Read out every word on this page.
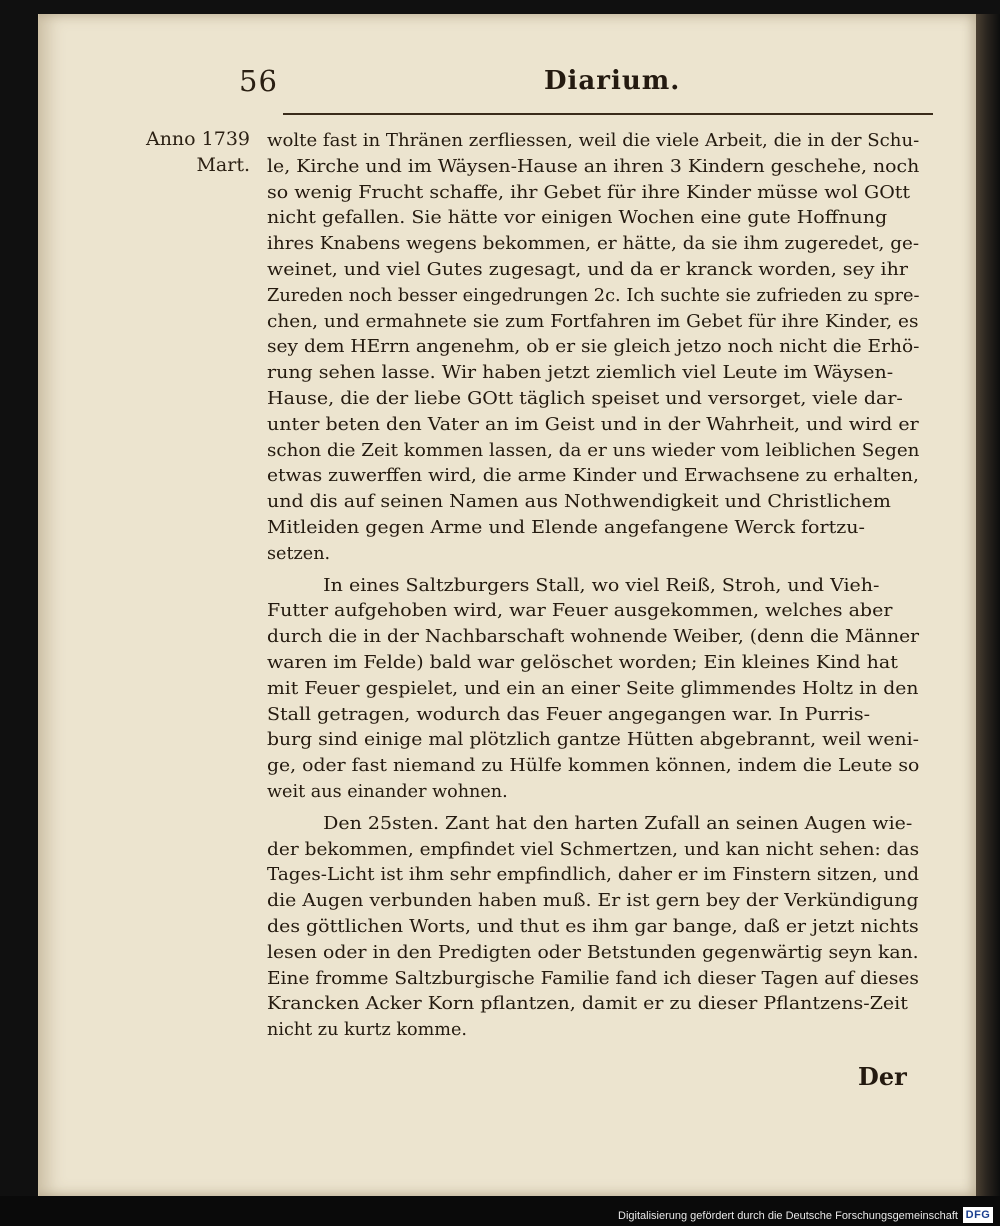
56	Diarium.
Anno 1739
Mart.
wolte fast in Thränen zerfliessen, weil die viele Arbeit, die in der Schu-
le, Kirche und im Wäysen-Hause an ihren 3 Kindern geschehe, noch
so wenig Frucht schaffe, ihr Gebet für ihre Kinder müsse wol GOtt
nicht gefallen. Sie hätte vor einigen Wochen eine gute Hoffnung
ihres Knabens wegens bekommen, er hätte, da sie ihm zugeredet, ge-
weinet, und viel Gutes zugesagt, und da er kranck worden, sey ihr
Zureden noch besser eingedrungen 2c. Ich suchte sie zufrieden zu spre-
chen, und ermahnete sie zum Fortfahren im Gebet für ihre Kinder, es
sey dem HErrn angenehm, ob er sie gleich jetzo noch nicht die Erhö-
rung sehen lasse. Wir haben jetzt ziemlich viel Leute im Wäysen-
Hause, die der liebe GOtt täglich speiset und versorget, viele dar-
unter beten den Vater an im Geist und in der Wahrheit, und wird er
schon die Zeit kommen lassen, da er uns wieder vom leiblichen Segen
etwas zuwerffen wird, die arme Kinder und Erwachsene zu erhalten,
und dis auf seinen Namen aus Nothwendigkeit und Christlichem
Mitleiden gegen Arme und Elende angefangene Werck fortzu-
setzen.
In eines Saltzburgers Stall, wo viel Reiß, Stroh, und Vieh-
Futter aufgehoben wird, war Feuer ausgekommen, welches aber
durch die in der Nachbarschaft wohnende Weiber, (denn die Männer
waren im Felde) bald war gelöschet worden; Ein kleines Kind hat
mit Feuer gespielet, und ein an einer Seite glimmendes Holtz in den
Stall getragen, wodurch das Feuer angegangen war. In Purris-
burg sind einige mal plötzlich gantze Hütten abgebrannt, weil weni-
ge, oder fast niemand zu Hülfe kommen können, indem die Leute so
weit aus einander wohnen.
Den 25sten. Zant hat den harten Zufall an seinen Augen wie-
der bekommen, empfindet viel Schmertzen, und kan nicht sehen: das
Tages-Licht ist ihm sehr empfindlich, daher er im Finstern sitzen, und
die Augen verbunden haben muß. Er ist gern bey der Verkündigung
des göttlichen Worts, und thut es ihm gar bange, daß er jetzt nichts
lesen oder in den Predigten oder Betstunden gegenwärtig seyn kan.
Eine fromme Saltzburgische Familie fand ich dieser Tagen auf dieses
Krancken Acker Korn pflantzen, damit er zu dieser Pflantzens-Zeit
nicht zu kurtz komme.
Der
Digitalisierung gefördert durch die Deutsche Forschungsgemeinschaft DFG
